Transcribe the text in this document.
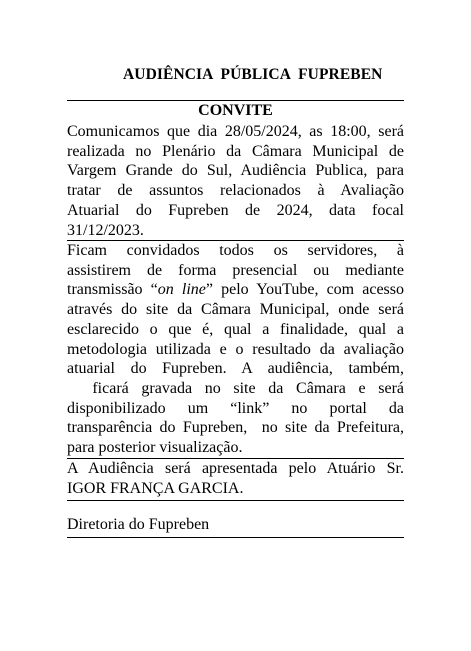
AUDIÊNCIA  PÚBLICA  FUPREBEN
CONVITE
Comunicamos que dia 28/05/2024, as 18:00, será
realizada no Plenário da Câmara Municipal de
Vargem Grande do Sul, Audiência Publica, para
tratar de assuntos relacionados à Avaliação
Atuarial do Fupreben de 2024, data focal
31/12/2023.
Ficam convidados todos os servidores, à
assistirem de forma presencial ou mediante
transmissão “on line” pelo YouTube, com acesso
através do site da Câmara Municipal, onde será
esclarecido o que é, qual a finalidade, qual a
metodologia utilizada e o resultado da avaliação
atuarial do Fupreben. A audiência, também,
ficará gravada no site da Câmara e será
disponibilizado um “link” no portal da
transparência do Fupreben,  no site da Prefeitura,
para posterior visualização.
A Audiência será apresentada pelo Atuário Sr.
IGOR FRANÇA GARCIA.
Diretoria do Fupreben
